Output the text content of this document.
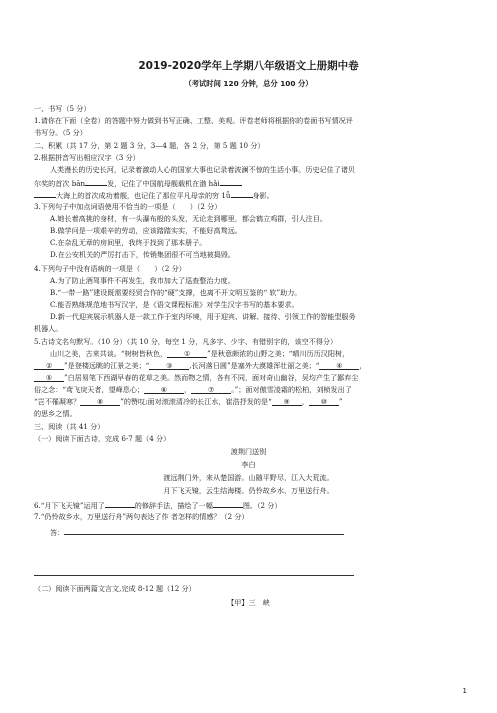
2019-2020学年上学期八年级语文上册期中卷
（考试时间 120 分钟，总分 100 分）
一、书写（5 分）
1.请你在下面（全卷）的答题中努力做到书写正确、工整、美观。评卷老师将根据你的卷面书写情况评
书写分。（5 分）
二、积累（共 17 分，第 2 题 3 分，3—4 题，各 2 分，第 5 题 10 分）
2.根据拼音写出相应汉字（3 分）
人类漫长的历史长河，记录着激动人心的国家大事也记录着波澜不惊的生活小事。历史记住了诸贝
尔奖的首次 bān	发，记住了中国航母舰载机在渤 hǎi
大海上的首次成功着舰，也记住了那位平凡母亲的穷 1ǚ	身影。
3.下列句子中加点词语使用不恰当的一项是（　　）（2 分）
A.她长着高挑的身材，有一头瀑布般的头发，无论走到哪里，都会鹤立鸡群，引人注目。
B.做学问是一项艰辛的劳动，应该踏踏实实，不能好高骛远。
C.在杂乱无章的房间里，我终于找到了那本册子。
D.在公安机关的严厉打击下，传销集团很不可当地被捣毁。
4.下列句子中没有语病的一项是（　　）（2 分）
A.为了防止酒驾事件不再发生，我市加大了巡查整治力度。
B.“一带一路”建设既需要经贸合作的“硬”支撑，也离不开文明互鉴的“ 软”助力。
C.能否熟练规范地书写汉字，是《语文课程标准》对学生汉字书写的基本要求。
D.新一代迎宾展示机器人是一款工作于室内环境，用于迎宾、讲解、接待、引领工作的智能型服务
机器人。
5.古诗文名句默写。（10 分）（共 10 分，每空 1 分，凡多字、少字、有错别字的，该空不得分）
山川之美，古来共谈。“树树皆秋色， ① ”是秋意颇浓的山野之美；“晴川历历汉阳树，
② ”是登楼远眺的江景之美；“ ③ ,长河落日圆”是塞外大漠雄浑壮丽之美；“ ④ ，
⑤ ”白居易笔下西湖早春的花草之美。然而物之情，各有不同，面对奇山幽谷，吴均产生了鄙弃尘
俗之念：“鸢飞戾天者，望峰息心； ⑥ ， ⑦ 。”；面对傲雪凌霜的松柏，刘桢发出了
“岂不罹凝寒？ ⑧ ”的赞叹;面对滚滚清冷的长江水，崔浩抒发的是“ ⑨ ， ⑩ ”
的思乡之情。
三、阅读（共 41 分）
（一）阅读下面古诗，完成 6-7 题（4 分）
渡荆门送别
李白
渡远荆门外，来从楚国游。山随平野尽，江入大荒流。
月下飞天镜，云生结海楼。仍怜故乡水，万里送行舟。
6.“月下飞天镜”运用了	的修辞手法，描绘了一幅	图。（2 分）
7.“仍怜故乡水，万里送行舟”两句表达了作 者怎样的情感？（2 分）
答：
（二）阅读下面两篇文言文,完成 8-12 题（12 分）
【甲】三　峡
1
